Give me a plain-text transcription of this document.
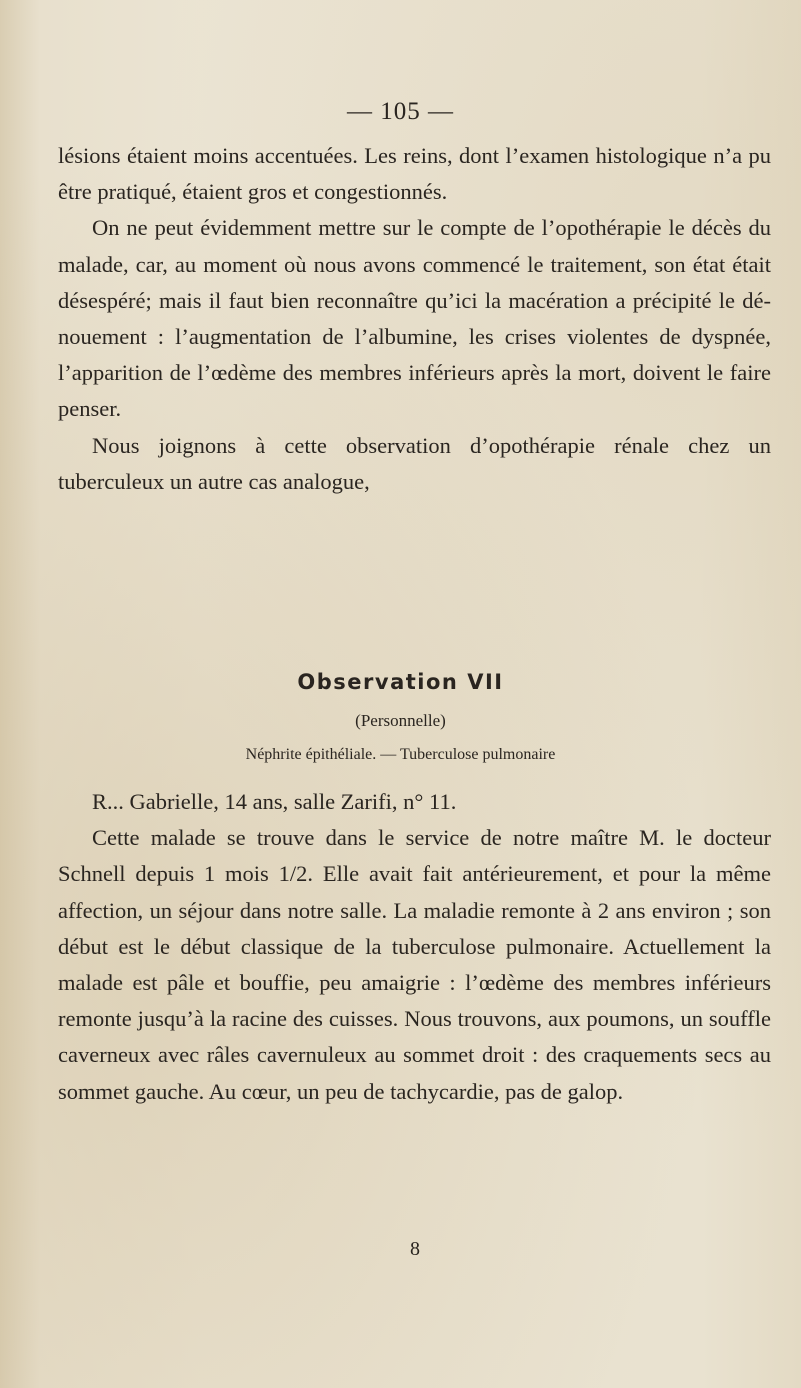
— 105 —

lésions étaient moins accentuées. Les reins, dont l’examen histologique n’a pu être pratiqué, étaient gros et congestionnés.

On ne peut évidemment mettre sur le compte de l’opothérapie le décès du malade, car, au moment où nous avons commencé le traitement, son état était désespéré; mais il faut bien reconnaître qu’ici la macération a précipité le dénouement : l’augmentation de l’albumine, les crises violentes de dyspnée, l’apparition de l’œdème des membres inférieurs après la mort, doivent le faire penser.

Nous joignons à cette observation d’opothérapie rénale chez un tuberculeux un autre cas analogue,

Observation VII
(Personnelle)
Néphrite épithéliale. — Tuberculose pulmonaire

R... Gabrielle, 14 ans, salle Zarifi, n° 11.

Cette malade se trouve dans le service de notre maître M. le docteur Schnell depuis 1 mois 1/2. Elle avait fait antérieurement, et pour la même affection, un séjour dans notre salle. La maladie remonte à 2 ans environ ; son début est le début classique de la tuberculose pulmonaire. Actuellement la malade est pâle et bouffie, peu amaigrie : l’œdème des membres inférieurs remonte jusqu’à la racine des cuisses. Nous trouvons, aux poumons, un souffle caverneux avec râles cavernuleux au sommet droit : des craquements secs au sommet gauche. Au cœur, un peu de tachycardie, pas de galop.

8
